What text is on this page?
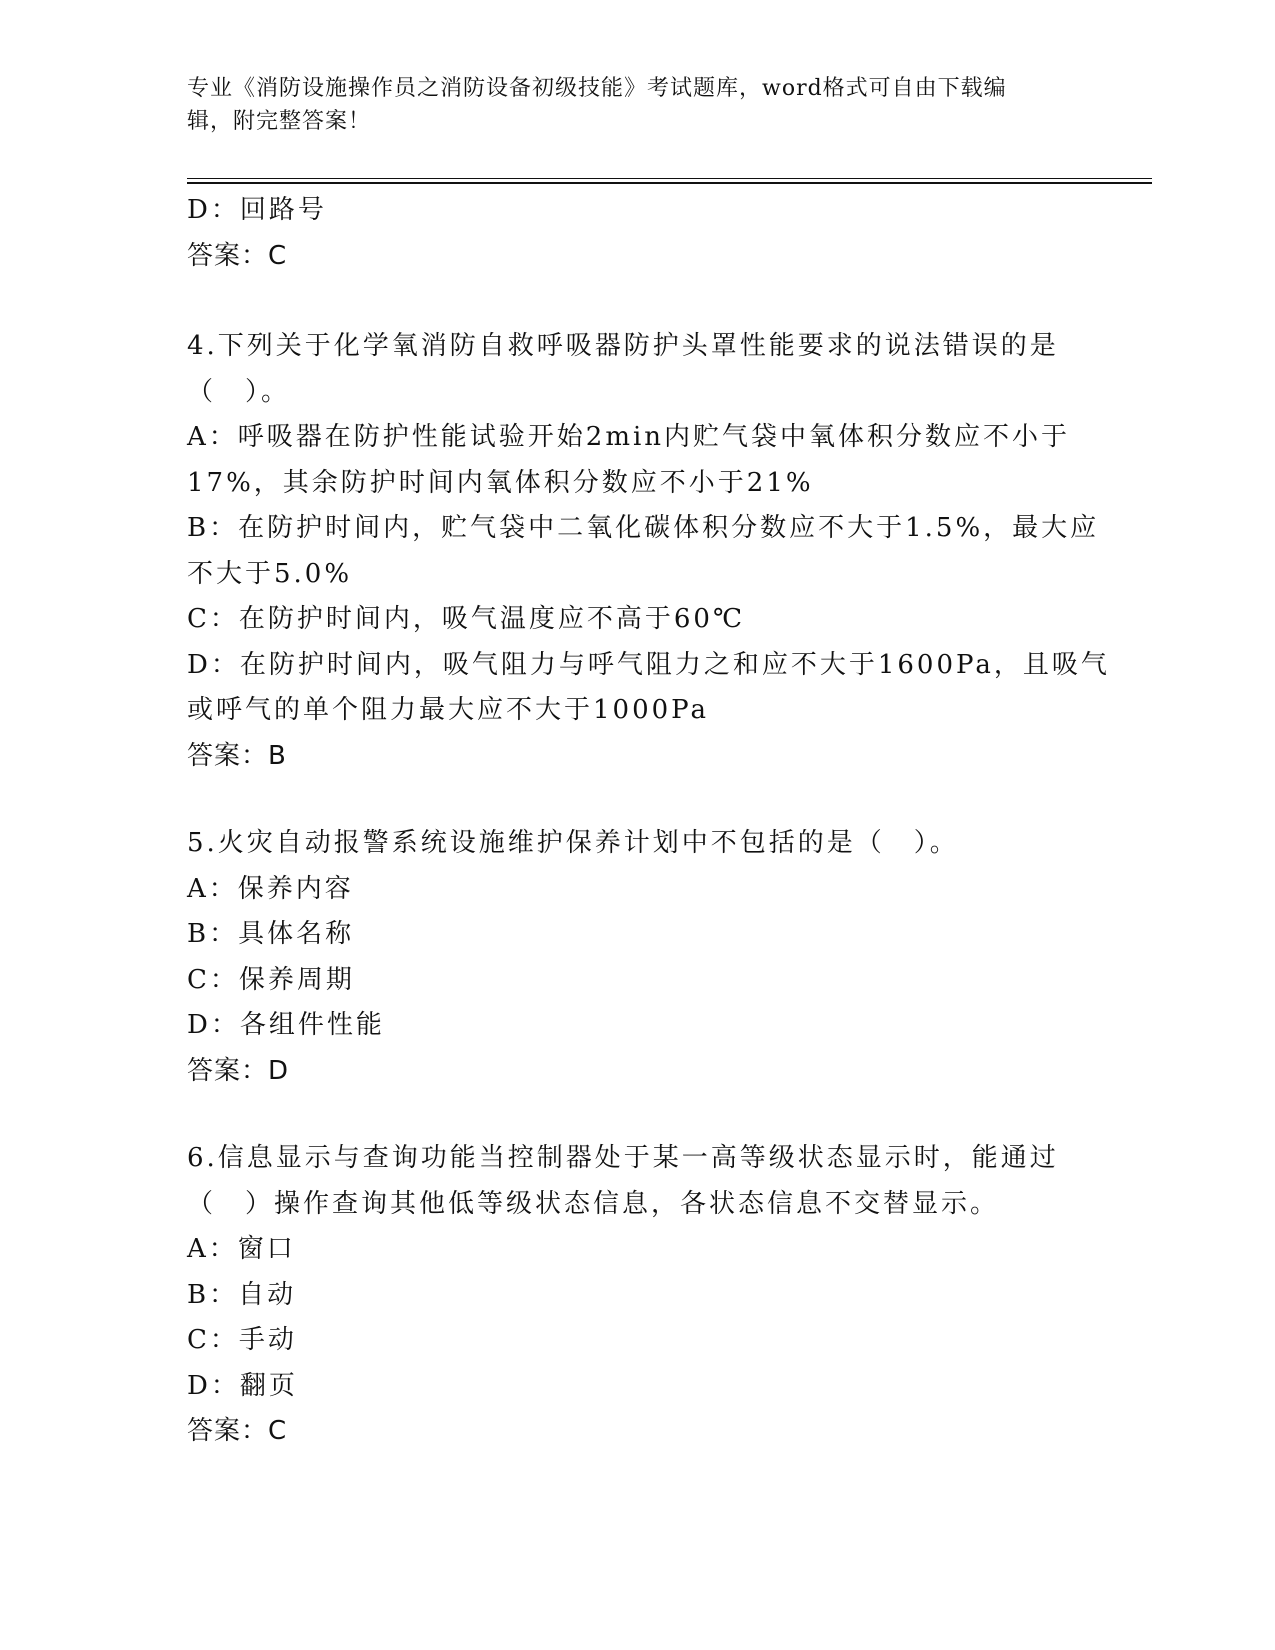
专业《消防设施操作员之消防设备初级技能》考试题库，word格式可自由下载编
辑，附完整答案！
D：回路号
答案：C
4.下列关于化学氧消防自救呼吸器防护头罩性能要求的说法错误的是
（　）。
A：呼吸器在防护性能试验开始2min内贮气袋中氧体积分数应不小于
17%，其余防护时间内氧体积分数应不小于21%
B：在防护时间内，贮气袋中二氧化碳体积分数应不大于1.5%，最大应
不大于5.0%
C：在防护时间内，吸气温度应不高于60℃
D：在防护时间内，吸气阻力与呼气阻力之和应不大于1600Pa，且吸气
或呼气的单个阻力最大应不大于1000Pa
答案：B
5.火灾自动报警系统设施维护保养计划中不包括的是（　）。
A：保养内容
B：具体名称
C：保养周期
D：各组件性能
答案：D
6.信息显示与查询功能当控制器处于某一高等级状态显示时，能通过
（　）操作查询其他低等级状态信息，各状态信息不交替显示。
A：窗口
B：自动
C：手动
D：翻页
答案：C
